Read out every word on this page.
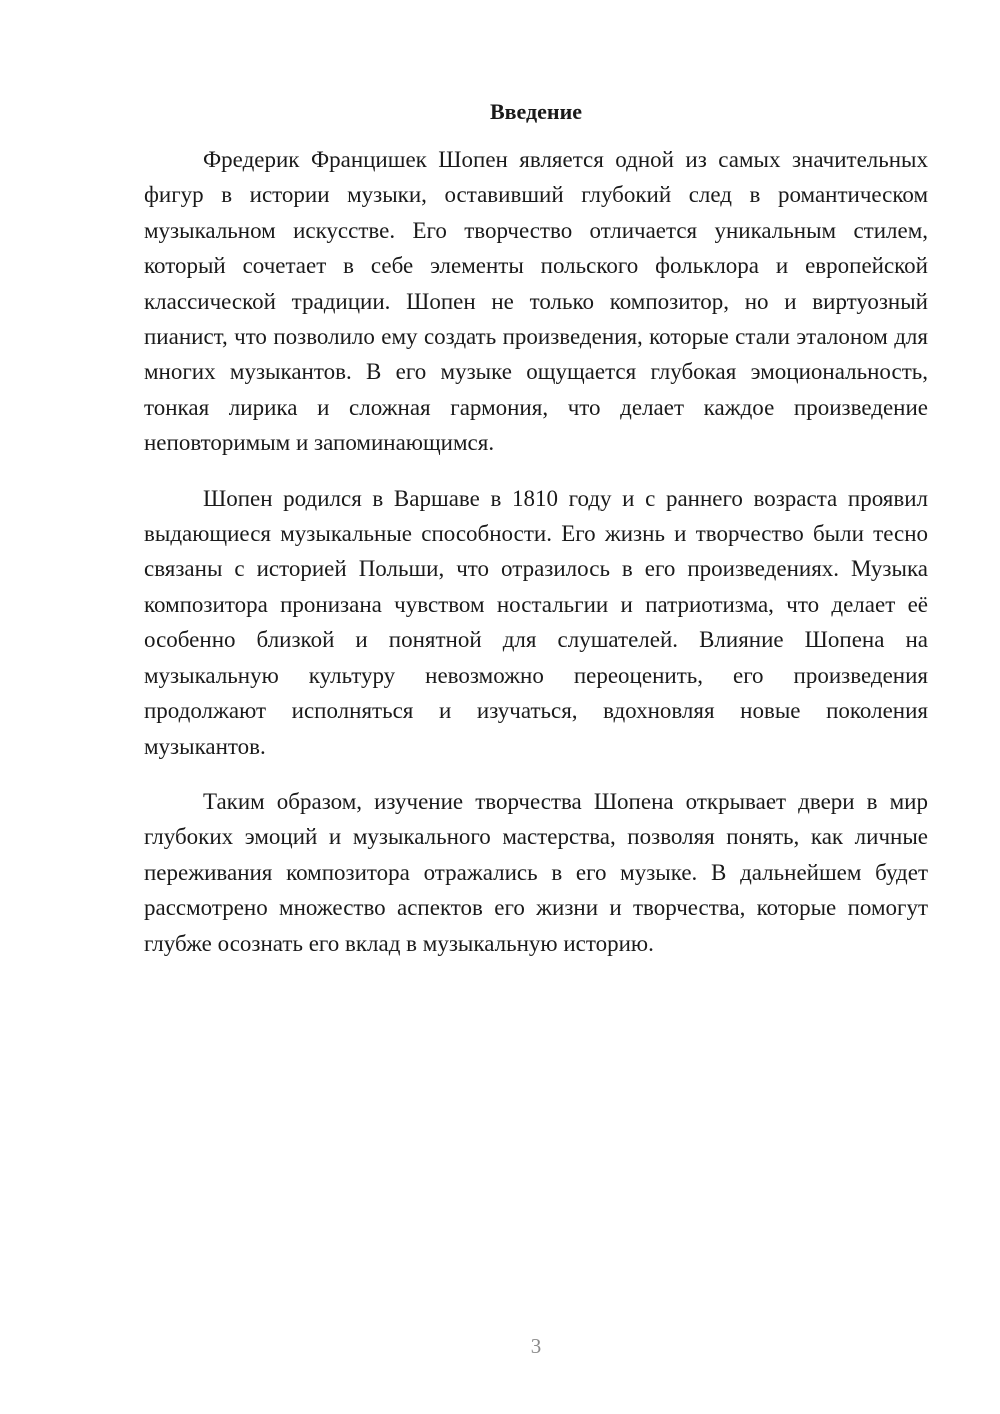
Введение

Фредерик Францишек Шопен является одной из самых значительных фигур в истории музыки, оставивший глубокий след в романтическом музыкальном искусстве. Его творчество отличается уникальным стилем, который сочетает в себе элементы польского фольклора и европейской классической традиции. Шопен не только композитор, но и виртуозный пианист, что позволило ему создать произведения, которые стали эталоном для многих музыкантов. В его музыке ощущается глубокая эмоциональность, тонкая лирика и сложная гармония, что делает каждое произведение неповторимым и запоминающимся.

Шопен родился в Варшаве в 1810 году и с раннего возраста проявил выдающиеся музыкальные способности. Его жизнь и творчество были тесно связаны с историей Польши, что отразилось в его произведениях. Музыка композитора пронизана чувством ностальгии и патриотизма, что делает её особенно близкой и понятной для слушателей. Влияние Шопена на музыкальную культуру невозможно переоценить, его произведения продолжают исполняться и изучаться, вдохновляя новые поколения музыкантов.

Таким образом, изучение творчества Шопена открывает двери в мир глубоких эмоций и музыкального мастерства, позволяя понять, как личные переживания композитора отражались в его музыке. В дальнейшем будет рассмотрено множество аспектов его жизни и творчества, которые помогут глубже осознать его вклад в музыкальную историю.

3
